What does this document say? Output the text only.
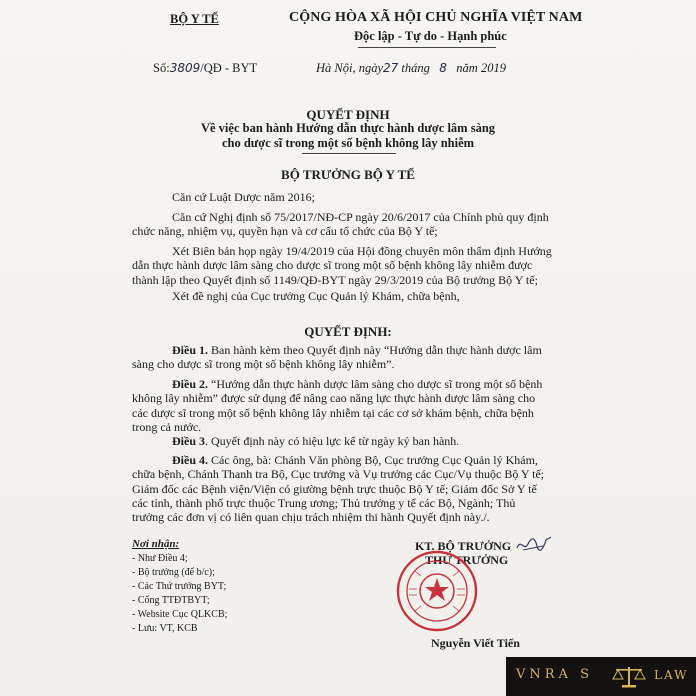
BỘ Y TẾ	CỘNG HÒA XÃ HỘI CHỦ NGHĨA VIỆT NAM
Độc lập - Tự do - Hạnh phúc
Số:3809/QĐ - BYT	Hà Nội, ngày27 tháng 8 năm 2019
QUYẾT ĐỊNH
Về việc ban hành Hướng dẫn thực hành dược lâm sàng
cho dược sĩ trong một số bệnh không lây nhiễm
BỘ TRƯỞNG BỘ Y TẾ
Căn cứ Luật Dược năm 2016;
Căn cứ Nghị định số 75/2017/NĐ-CP ngày 20/6/2017 của Chính phủ quy định
chức năng, nhiệm vụ, quyền hạn và cơ cấu tổ chức của Bộ Y tế;
Xét Biên bản họp ngày 19/4/2019 của Hội đồng chuyên môn thẩm định Hướng
dẫn thực hành dược lâm sàng cho dược sĩ trong một số bệnh không lây nhiễm được
thành lập theo Quyết định số 1149/QĐ-BYT ngày 29/3/2019 của Bộ trưởng Bộ Y tế;
Xét đề nghị của Cục trưởng Cục Quản lý Khám, chữa bệnh,
QUYẾT ĐỊNH:
Điều 1. Ban hành kèm theo Quyết định này “Hướng dẫn thực hành dược lâm
sàng cho dược sĩ trong một số bệnh không lây nhiễm”.
Điều 2. “Hướng dẫn thực hành dược lâm sàng cho dược sĩ trong một số bệnh
không lây nhiễm” được sử dụng để nâng cao năng lực thực hành dược lâm sàng cho
các dược sĩ trong một số bệnh không lây nhiễm tại các cơ sở khám bệnh, chữa bệnh
trong cả nước.
Điều 3. Quyết định này có hiệu lực kể từ ngày ký ban hành.
Điều 4. Các ông, bà: Chánh Văn phòng Bộ, Cục trưởng Cục Quản lý Khám,
chữa bệnh, Chánh Thanh tra Bộ, Cục trưởng và Vụ trưởng các Cục/Vụ thuộc Bộ Y tế;
Giám đốc các Bệnh viện/Viện có giường bệnh trực thuộc Bộ Y tế; Giám đốc Sở Y tế
các tỉnh, thành phố trực thuộc Trung ương; Thủ trưởng y tế các Bộ, Ngành; Thủ
trưởng các đơn vị có liên quan chịu trách nhiệm thi hành Quyết định này./.
Nơi nhận:
- Như Điều 4;
- Bộ trưởng (để b/c);
- Các Thứ trưởng BYT;
- Cổng TTĐTBYT;
- Website Cục QLKCB;
- Lưu: VT, KCB
KT. BỘ TRƯỞNG
THỨ TRƯỞNG
Nguyễn Viết Tiến
VNRA S	LAW
